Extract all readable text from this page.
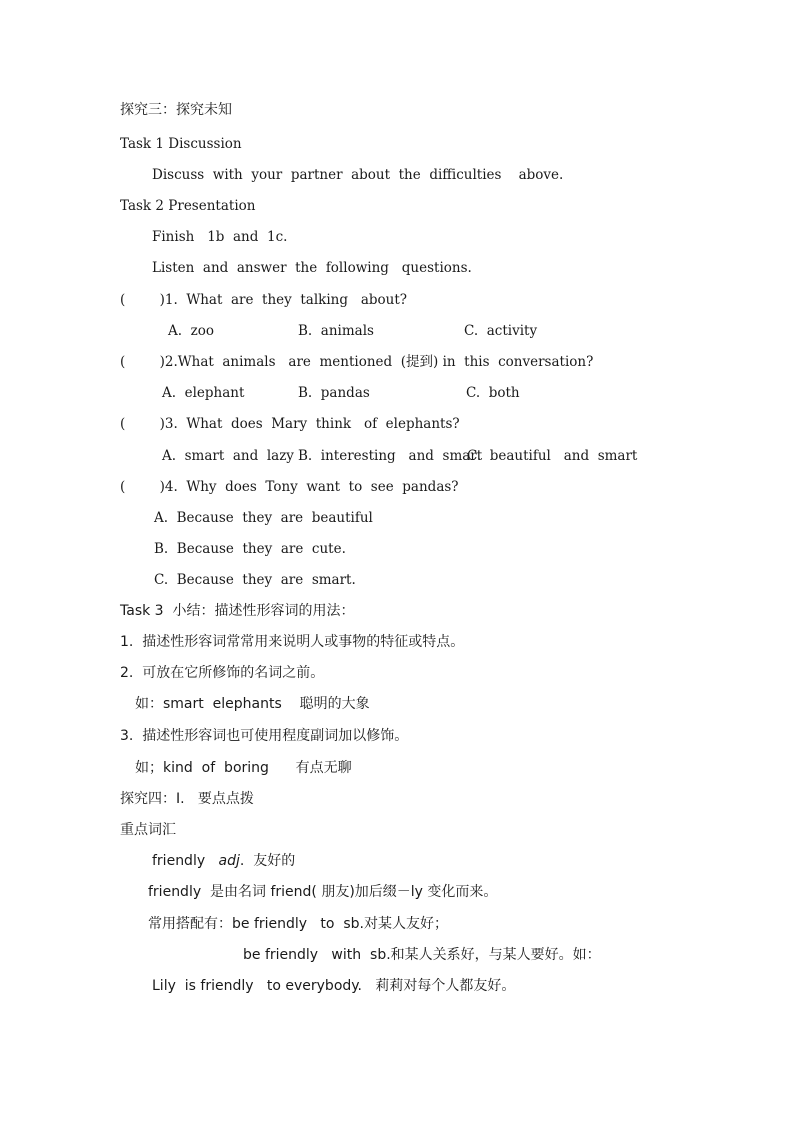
探究三：探究未知
Task 1 Discussion
Discuss  with  your  partner  about  the  difficulties    above.
Task 2 Presentation
Finish   1b  and  1c.
Listen  and  answer  the  following   questions.
(        )1.  What  are  they  talking   about?
A.  zoo	B.  animals	C.  activity
(        )2.What  animals   are  mentioned  (提到) in  this  conversation?
A.  elephant	B.  pandas	C.  both
(        )3.  What  does  Mary  think   of  elephants?
A.  smart  and  lazy B.  interesting   and  smart
C.  beautiful   and  smart
(        )4.  Why  does  Tony  want  to  see  pandas?
A.  Because  they  are  beautiful
B.  Because  they  are  cute.
C.  Because  they  are  smart.
Task 3  小结：描述性形容词的用法：
1.  描述性形容词常常用来说明人或事物的特征或特点。
2.  可放在它所修饰的名词之前。
如：smart  elephants    聪明的大象
3.  描述性形容词也可使用程度副词加以修饰。
如；kind  of  boring      有点无聊
探究四：I.   要点点拨
重点词汇
friendly adj.  友好的
friendly  是由名词 friend( 朋友)加后缀－ly 变化而来。
常用搭配有：be friendly   to  sb.对某人友好；
be friendly   with  sb.和某人关系好，与某人要好。如：
Lily  is friendly   to everybody.   莉莉对每个人都友好。
